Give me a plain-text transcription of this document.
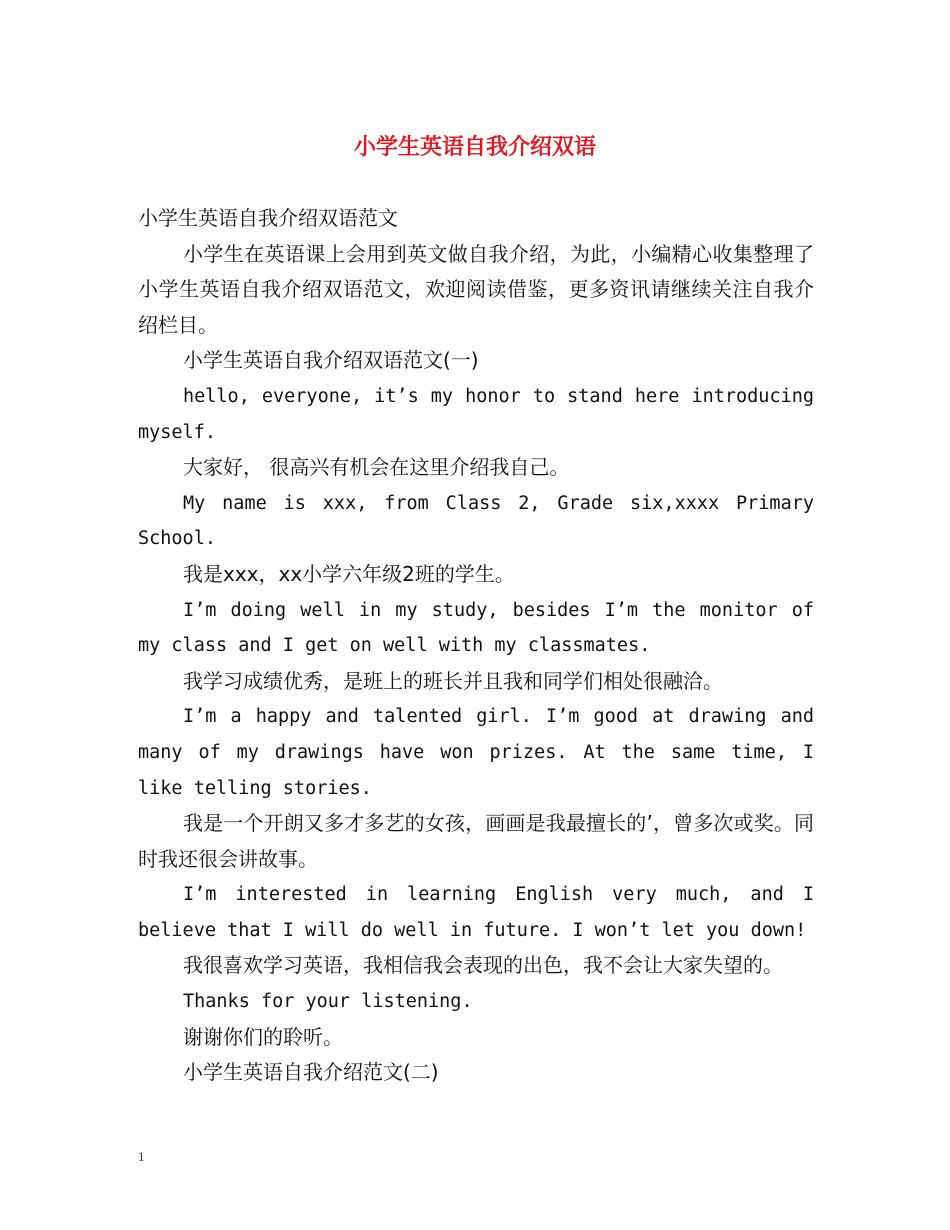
小学生英语自我介绍双语

小学生英语自我介绍双语范文

小学生在英语课上会用到英文做自我介绍，为此，小编精心收集整理了小学生英语自我介绍双语范文，欢迎阅读借鉴，更多资讯请继续关注自我介绍栏目。

小学生英语自我介绍双语范文(一)

hello, everyone, it’s my honor to stand here introducing myself.

大家好， 很高兴有机会在这里介绍我自己。

My name is xxx, from Class 2, Grade six,xxxx Primary School.

我是xxx，xx小学六年级2班的学生。

I’m doing well in my study, besides I’m the monitor of my class and I get on well with my classmates.

我学习成绩优秀，是班上的班长并且我和同学们相处很融洽。

I’m a happy and talented girl. I’m good at drawing and many of my drawings have won prizes. At the same time, I like telling stories.

我是一个开朗又多才多艺的女孩，画画是我最擅长的’，曾多次或奖。同时我还很会讲故事。

I’m interested in learning English very much, and I believe that I will do well in future. I won’t let you down!

我很喜欢学习英语，我相信我会表现的出色，我不会让大家失望的。

Thanks for your listening.

谢谢你们的聆听。

小学生英语自我介绍范文(二)

1
